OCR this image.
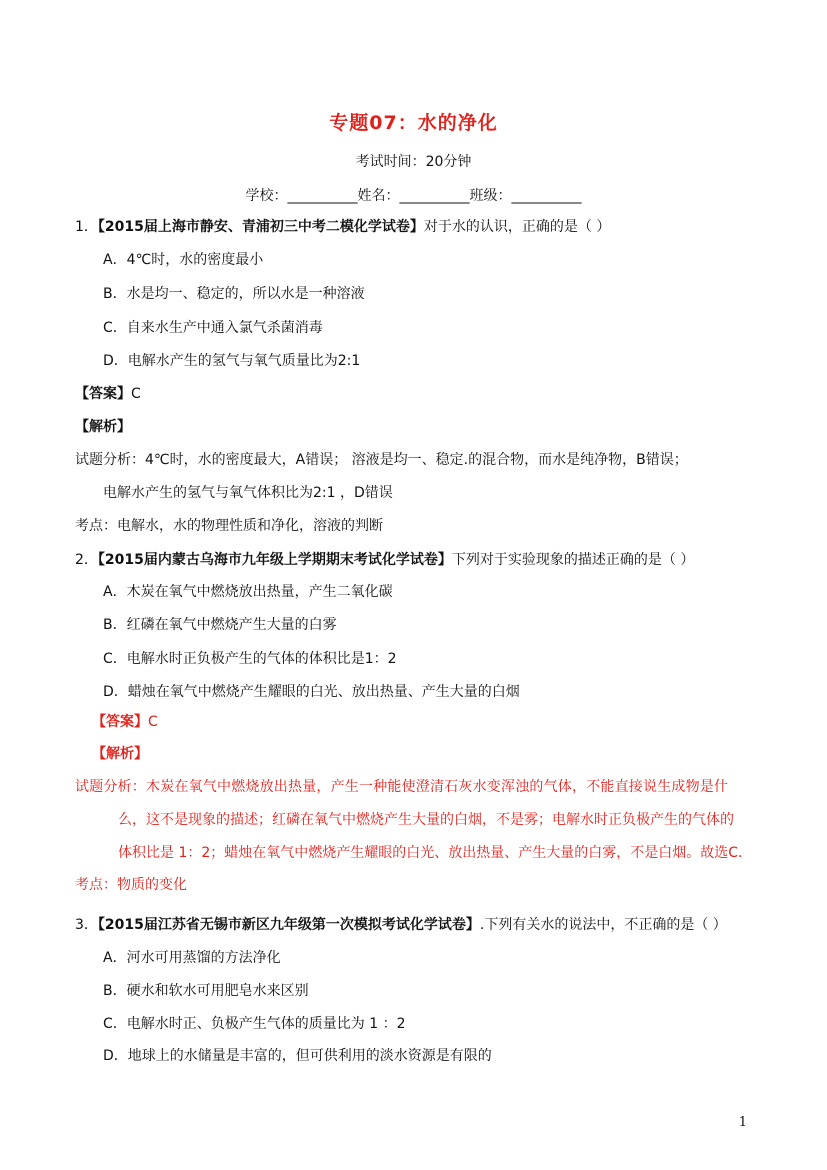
专题07：水的净化
考试时间：20分钟
学校：__________姓名：__________班级：__________
1．【2015届上海市静安、青浦初三中考二模化学试卷】对于水的认识，正确的是（ ）
A．4℃时，水的密度最小
B．水是均一、稳定的，所以水是一种溶液
C．自来水生产中通入氯气杀菌消毒
D．电解水产生的氢气与氧气质量比为2:1
【答案】C
【解析】
试题分析：4℃时，水的密度最大，A错误； 溶液是均一、稳定.的混合物，而水是纯净物，B错误；
电解水产生的氢气与氧气体积比为2:1 ，D错误
考点：电解水，水的物理性质和净化，溶液的判断
2．【2015届内蒙古乌海市九年级上学期期末考试化学试卷】下列对于实验现象的描述正确的是（ ）
A．木炭在氧气中燃烧放出热量，产生二氧化碳
B．红磷在氧气中燃烧产生大量的白雾
C．电解水时正负极产生的气体的体积比是1：2
D．蜡烛在氧气中燃烧产生耀眼的白光、放出热量、产生大量的白烟
【答案】C
【解析】
试题分析：木炭在氧气中燃烧放出热量，产生一种能使澄清石灰水变浑浊的气体，不能直接说生成物是什
么，这不是现象的描述；红磷在氧气中燃烧产生大量的白烟，不是雾；电解水时正负极产生的气体的
体积比是 1：2；蜡烛在氧气中燃烧产生耀眼的白光、放出热量、产生大量的白雾，不是白烟。故选C．
考点：物质的变化
3．【2015届江苏省无锡市新区九年级第一次模拟考试化学试卷】.下列有关水的说法中，不正确的是（ ）
A．河水可用蒸馏的方法净化
B．硬水和软水可用肥皂水来区别
C．电解水时正、负极产生气体的质量比为 1 ：2
D．地球上的水储量是丰富的，但可供利用的淡水资源是有限的
1
